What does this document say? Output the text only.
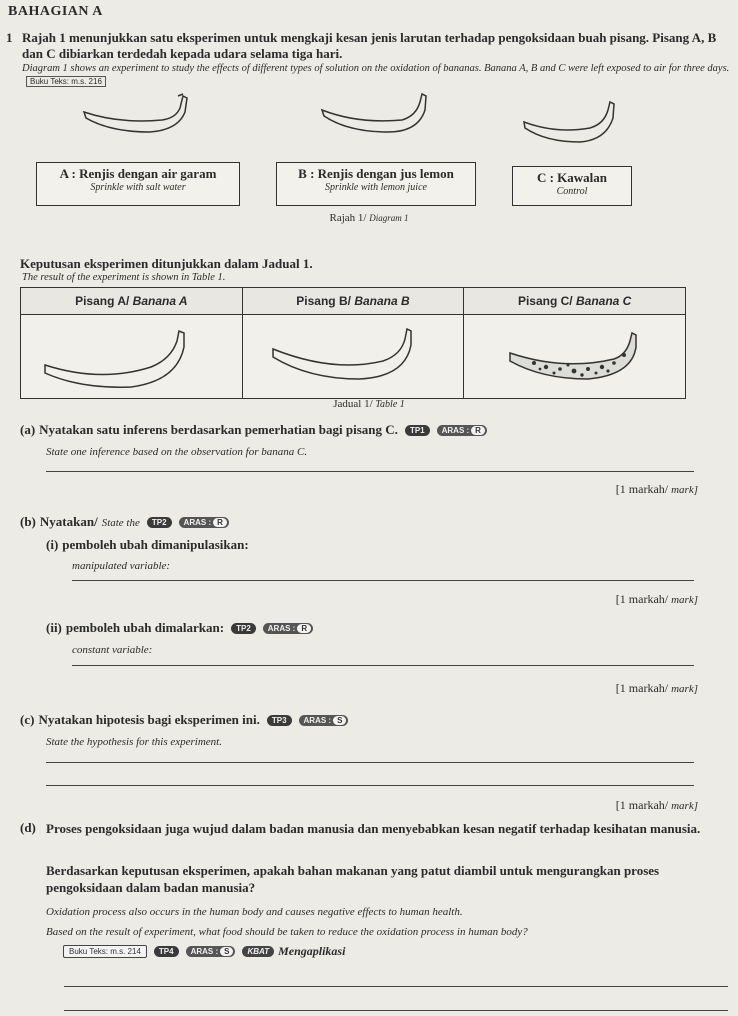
BAHAGIAN A
1 Rajah 1 menunjukkan satu eksperimen untuk mengkaji kesan jenis larutan terhadap pengoksidaan buah pisang. Pisang A, B dan C dibiarkan terdedah kepada udara selama tiga hari.
Diagram 1 shows an experiment to study the effects of different types of solution on the oxidation of bananas. Banana A, B and C were left exposed to air for three days. Buku Teks: m.s. 216
A : Renjis dengan air garam
Sprinkle with salt water
B : Renjis dengan jus lemon
Sprinkle with lemon juice
C : Kawalan
Control
Rajah 1/ Diagram 1
Keputusan eksperimen ditunjukkan dalam Jadual 1.
The result of the experiment is shown in Table 1.
Pisang A/ Banana A	Pisang B/ Banana B	Pisang C/ Banana C

Jadual 1/ Table 1
(a) Nyatakan satu inferens berdasarkan pemerhatian bagi pisang C. TP1 ARAS : R
State one inference based on the observation for banana C.
[1 markah/ mark]
(b) Nyatakan/ State the TP2 ARAS : R
(i) pemboleh ubah dimanipulasikan:
manipulated variable:
[1 markah/ mark]
(ii) pemboleh ubah dimalarkan: TP2 ARAS : R
constant variable:
[1 markah/ mark]
(c) Nyatakan hipotesis bagi eksperimen ini. TP3 ARAS : S
State the hypothesis for this experiment.
[1 markah/ mark]
(d) Proses pengoksidaan juga wujud dalam badan manusia dan menyebabkan kesan negatif terhadap kesihatan manusia.
Berdasarkan keputusan eksperimen, apakah bahan makanan yang patut diambil untuk mengurangkan proses pengoksidaan dalam badan manusia?
Oxidation process also occurs in the human body and causes negative effects to human health.
Based on the result of experiment, what food should be taken to reduce the oxidation process in human body?
Buku Teks: m.s. 214 TP4 ARAS : S KBAT Mengaplikasi
